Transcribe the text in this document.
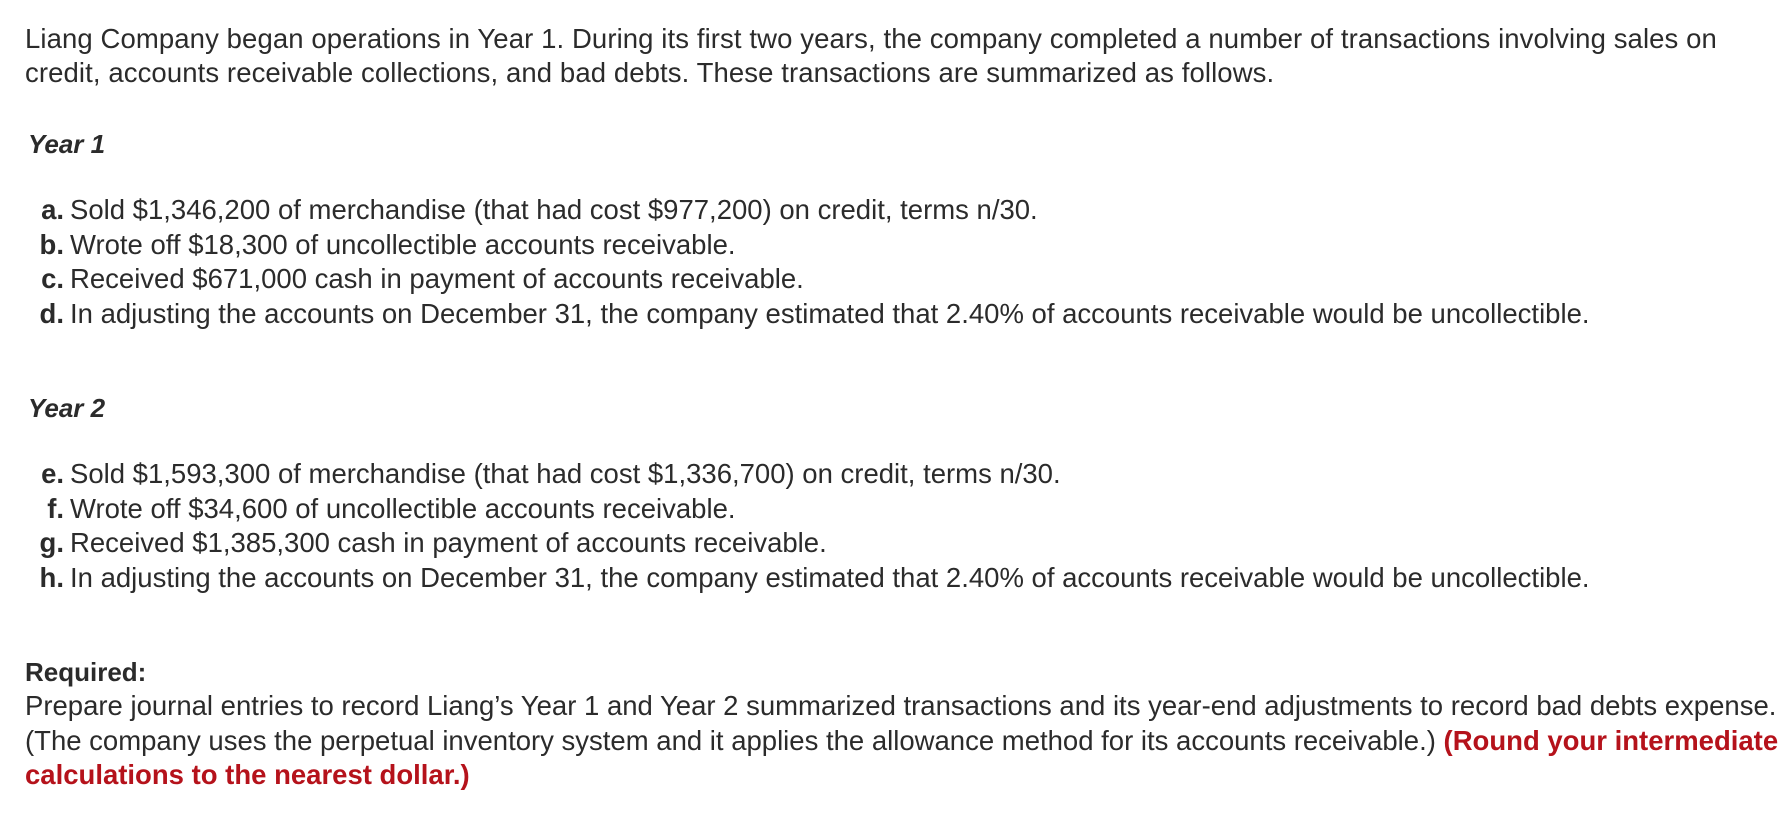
Liang Company began operations in Year 1. During its first two years, the company completed a number of transactions involving sales on credit, accounts receivable collections, and bad debts. These transactions are summarized as follows.

Year 1
a. Sold $1,346,200 of merchandise (that had cost $977,200) on credit, terms n/30.
b. Wrote off $18,300 of uncollectible accounts receivable.
c. Received $671,000 cash in payment of accounts receivable.
d. In adjusting the accounts on December 31, the company estimated that 2.40% of accounts receivable would be uncollectible.
Year 2
e. Sold $1,593,300 of merchandise (that had cost $1,336,700) on credit, terms n/30.
f. Wrote off $34,600 of uncollectible accounts receivable.
g. Received $1,385,300 cash in payment of accounts receivable.
h. In adjusting the accounts on December 31, the company estimated that 2.40% of accounts receivable would be uncollectible.
Required:

Prepare journal entries to record Liang’s Year 1 and Year 2 summarized transactions and its year-end adjustments to record bad debts expense. (The company uses the perpetual inventory system and it applies the allowance method for its accounts receivable.) (Round your intermediate calculations to the nearest dollar.)
